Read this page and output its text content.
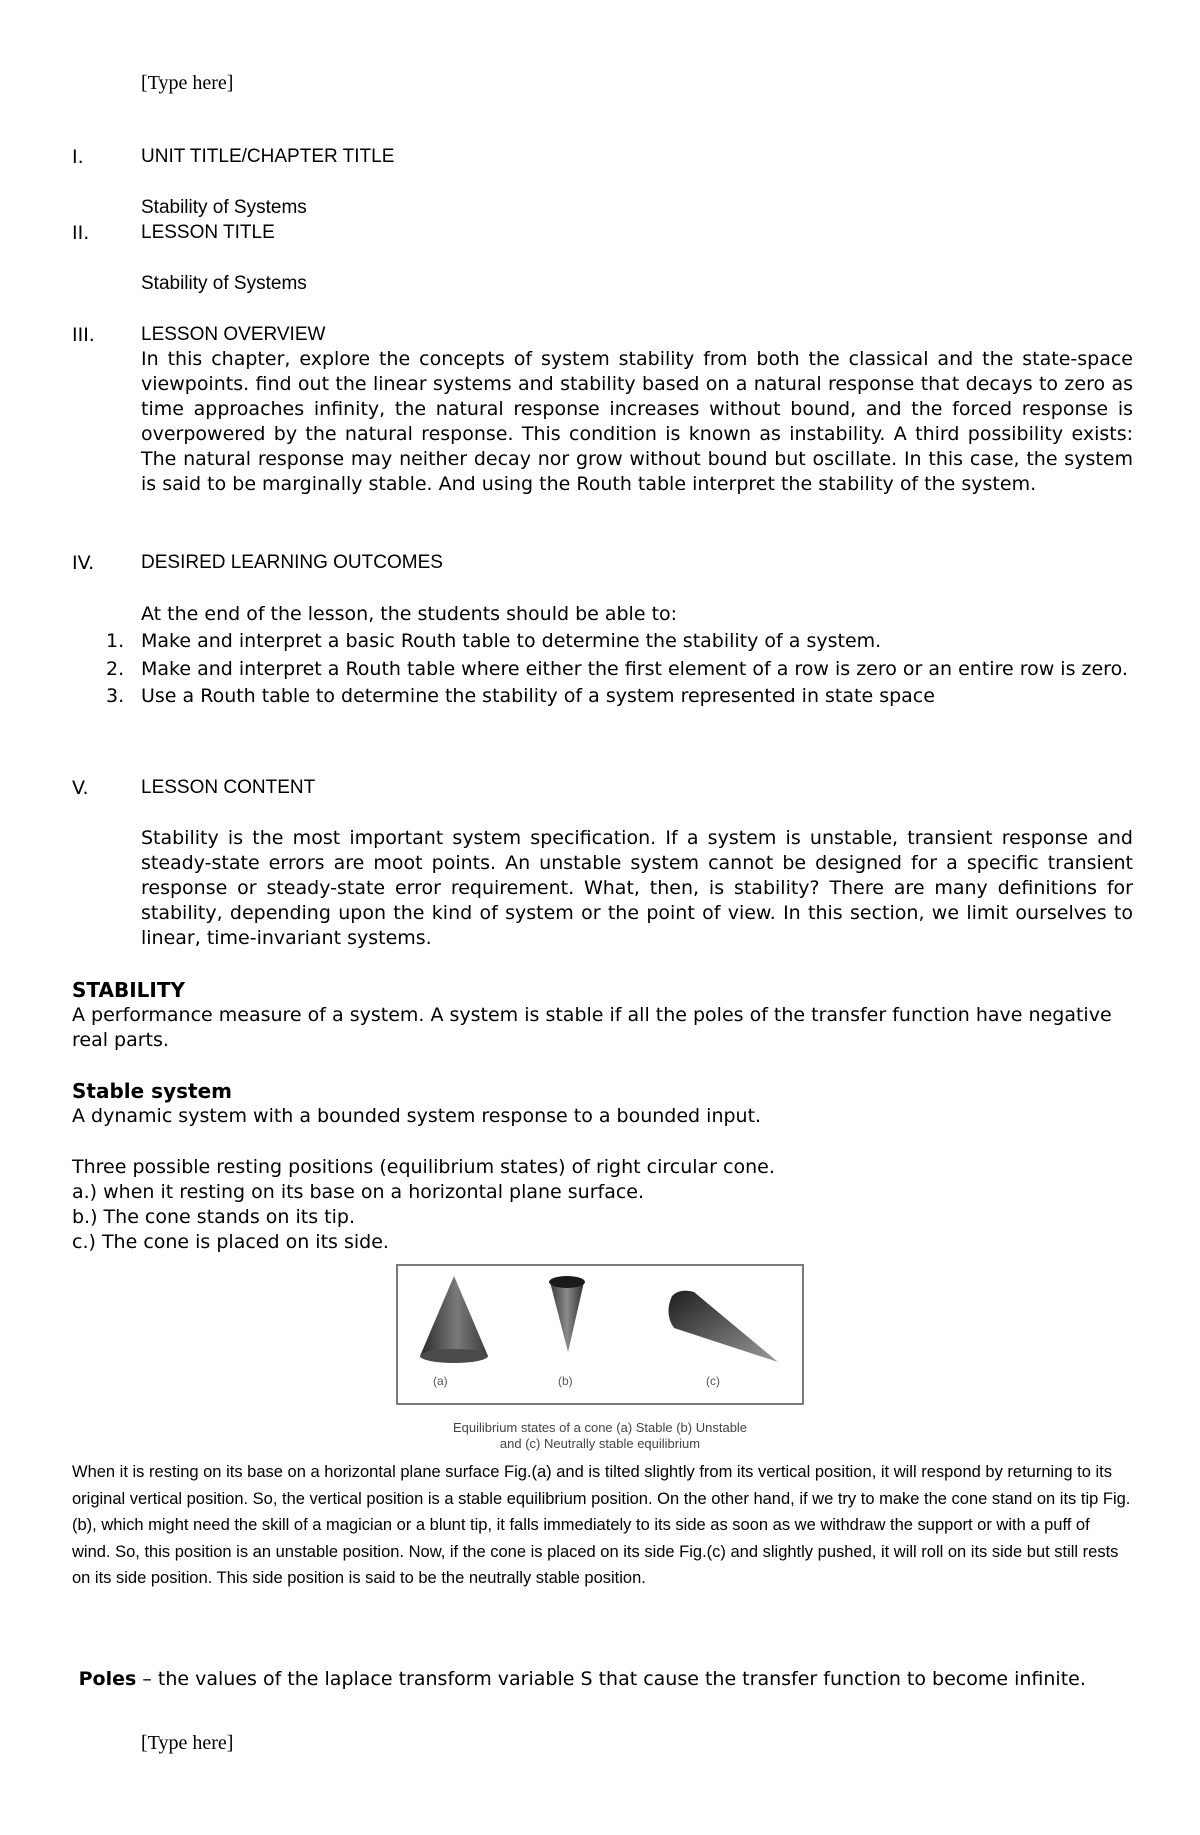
[Type here]
I.	UNIT TITLE/CHAPTER TITLE
Stability of Systems
II.	LESSON TITLE
Stability of Systems
III. LESSON OVERVIEW
In this chapter, explore the concepts of system stability from both the classical and the state-space viewpoints. find out the linear systems and stability based on a natural response that decays to zero as time approaches infinity, the natural response increases without bound, and the forced response is overpowered by the natural response. This condition is known as instability. A third possibility exists: The natural response may neither decay nor grow without bound but oscillate. In this case, the system is said to be marginally stable. And using the Routh table interpret the stability of the system.
IV. DESIRED LEARNING OUTCOMES
At the end of the lesson, the students should be able to:
1. Make and interpret a basic Routh table to determine the stability of a system.
2. Make and interpret a Routh table where either the first element of a row is zero or an entire row is zero.
3. Use a Routh table to determine the stability of a system represented in state space
V.	LESSON CONTENT
Stability is the most important system specification. If a system is unstable, transient response and steady-state errors are moot points. An unstable system cannot be designed for a specific transient response or steady-state error requirement. What, then, is stability? There are many definitions for stability, depending upon the kind of system or the point of view. In this section, we limit ourselves to linear, time-invariant systems.
STABILITY
A performance measure of a system. A system is stable if all the poles of the transfer function have negative real parts.
Stable system
A dynamic system with a bounded system response to a bounded input.
Three possible resting positions (equilibrium states) of right circular cone.
a.) when it resting on its base on a horizontal plane surface.
b.) The cone stands on its tip.
c.) The cone is placed on its side.
(a)	(b)	(c)
Equilibrium states of a cone (a) Stable (b) Unstable
and (c) Neutrally stable equilibrium
When it is resting on its base on a horizontal plane surface Fig.(a) and is tilted slightly from its vertical position, it will respond by returning to its original vertical position. So, the vertical position is a stable equilibrium position. On the other hand, if we try to make the cone stand on its tip Fig. (b), which might need the skill of a magician or a blunt tip, it falls immediately to its side as soon as we withdraw the support or with a puff of wind. So, this position is an unstable position. Now, if the cone is placed on its side Fig.(c) and slightly pushed, it will roll on its side but still rests on its side position. This side position is said to be the neutrally stable position.
Poles – the values of the laplace transform variable S that cause the transfer function to become infinite.
[Type here]
